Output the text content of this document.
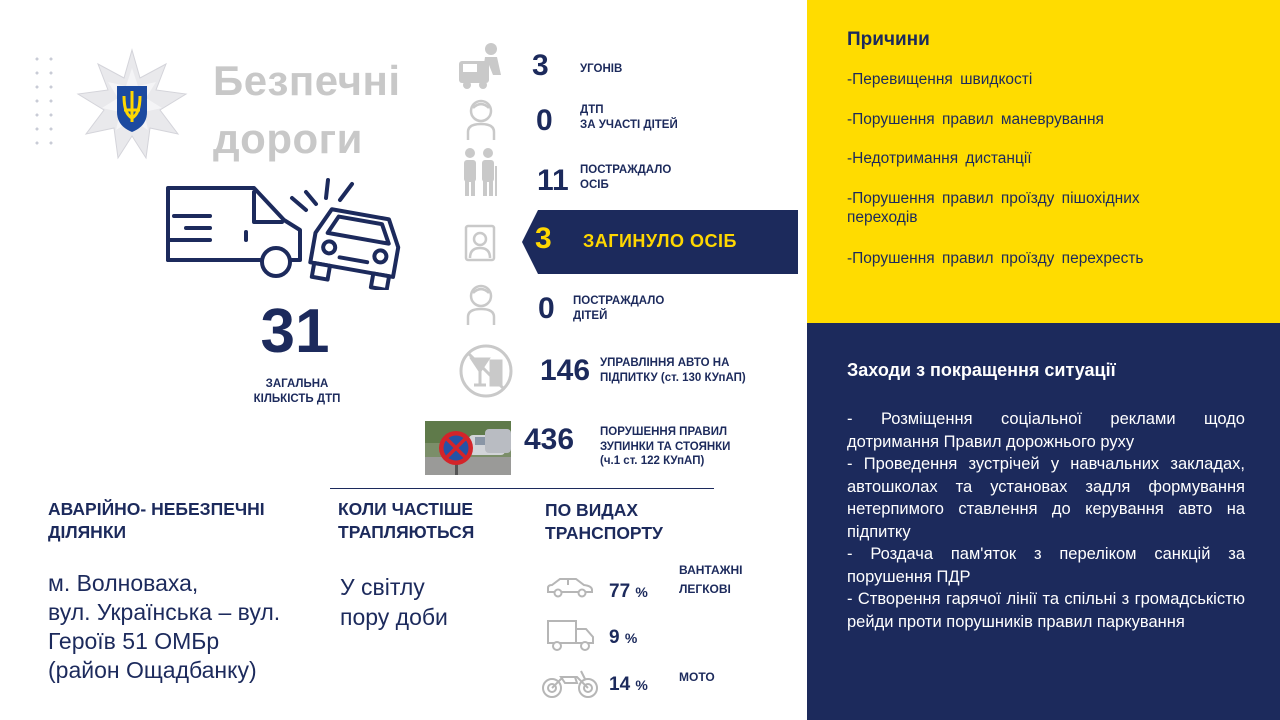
Безпечні
дороги
31
ЗАГАЛЬНА
КІЛЬКІСТЬ ДТП
3	УГОНІВ
0 ДТП
ЗА УЧАСТІ ДІТЕЙ
11 ПОСТРАЖДАЛО
ОСІБ
3 ЗАГИНУЛО ОСІБ
0 ПОСТРАЖДАЛО
ДІТЕЙ
146 УПРАВЛІННЯ АВТО НА
ПІДПИТКУ (ст. 130 КУпАП)
436 ПОРУШЕННЯ ПРАВИЛ
ЗУПИНКИ ТА СТОЯНКИ
(ч.1 ст. 122 КУпАП)
АВАРІЙНО- НЕБЕЗПЕЧНІ
ДІЛЯНКИ
м. Волноваха,
вул. Українська – вул.
Героїв 51 ОМБр
(район Ощадбанку)
КОЛИ ЧАСТІШЕ
ТРАПЛЯЮТЬСЯ
У світлу
пору доби
ПО ВИДАХ
ТРАНСПОРТУ
77 %
9 %
14 %
ВАНТАЖНІ
ЛЕГКОВІ
МОТО
Причини
-Перевищення швидкості
-Порушення правил маневрування
-Недотримання дистанції
-Порушення правил проїзду пішохідних переходів
-Порушення правил проїзду перехресть
Заходи з покращення ситуації
- Розміщення соціальної реклами щодо дотримання Правил дорожнього руху
- Проведення зустрічей у навчальних закладах, автошколах та установах задля формування нетерпимого ставлення до керування авто на підпитку
- Роздача пам'яток з переліком санкцій за порушення ПДР
- Створення гарячої лінії та спільні з громадськістю рейди проти порушників правил паркування
